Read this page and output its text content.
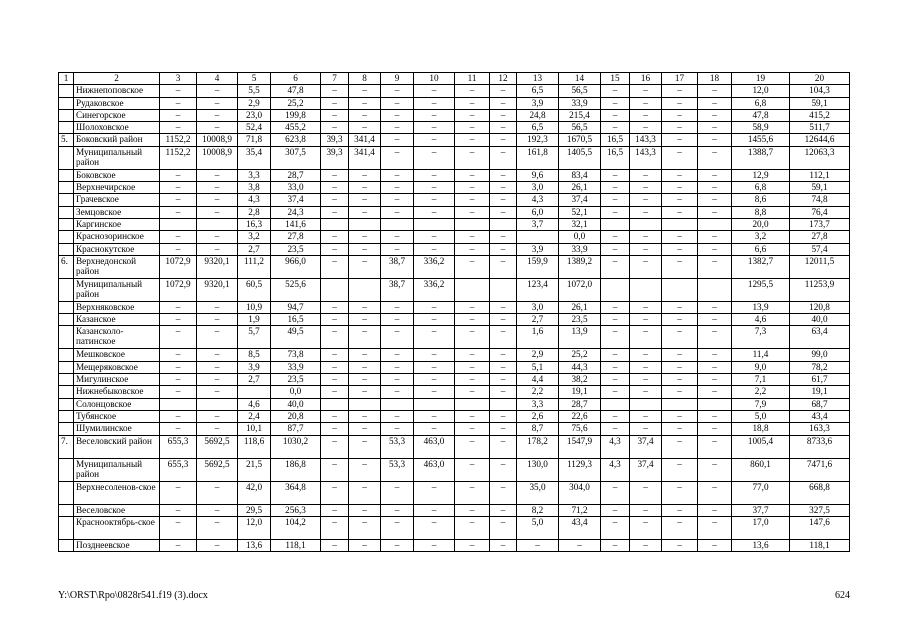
1	2	3	4	5	6	7	8	9	10	11	12	13	14	15	16	17	18	19	20
	Нижнепоповское	–	–	5,5	47,8	–	–	–	–	–	–	6,5	56,5	–	–	–	–	12,0	104,3
	Рудаковское	–	–	2,9	25,2	–	–	–	–	–	–	3,9	33,9	–	–	–	–	6,8	59,1
	Синегорское	–	–	23,0	199,8	–	–	–	–	–	–	24,8	215,4	–	–	–	–	47,8	415,2
	Шолоховское	–	–	52,4	455,2	–	–	–	–	–	–	6,5	56,5	–	–	–	–	58,9	511,7
5.	Боковский район	1152,2	10008,9	71,8	623,8	39,3	341,4	–	–	–	–	192,3	1670,5	16,5	143,3	–	–	1455,6	12644,6
	Муниципальный район	1152,2	10008,9	35,4	307,5	39,3	341,4	–	–	–	–	161,8	1405,5	16,5	143,3	–	–	1388,7	12063,3
	Боковское	–	–	3,3	28,7	–	–	–	–	–	–	9,6	83,4	–	–	–	–	12,9	112,1
	Верхнечирское	–	–	3,8	33,0	–	–	–	–	–	–	3,0	26,1	–	–	–	–	6,8	59,1
	Грачевское	–	–	4,3	37,4	–	–	–	–	–	–	4,3	37,4	–	–	–	–	8,6	74,8
	Земцовское	–	–	2,8	24,3	–	–	–	–	–	–	6,0	52,1	–	–	–	–	8,8	76,4
	Каргинское			16,3	141,6							3,7	32,1					20,0	173,7
	Краснозоринское	–	–	3,2	27,8	–	–	–	–	–	–		0,0	–	–	–	–	3,2	27,8
	Краснокутское	–	–	2,7	23,5	–	–	–	–	–	–	3,9	33,9	–	–	–	–	6,6	57,4
6.	Верхнедонской район	1072,9	9320,1	111,2	966,0	–	–	38,7	336,2	–	–	159,9	1389,2	–	–	–	–	1382,7	12011,5
	Муниципальный район	1072,9	9320,1	60,5	525,6			38,7	336,2			123,4	1072,0					1295,5	11253,9
	Верхняковское	–	–	10,9	94,7	–	–	–	–	–	–	3,0	26,1	–	–	–	–	13,9	120,8
	Казанское	–	–	1,9	16,5	–	–	–	–	–	–	2,7	23,5	–	–	–	–	4,6	40,0
	Казансколо-патинское	–	–	5,7	49,5	–	–	–	–	–	–	1,6	13,9	–	–	–	–	7,3	63,4
	Мешковское	–	–	8,5	73,8	–	–	–	–	–	–	2,9	25,2	–	–	–	–	11,4	99,0
	Мещеряковское	–	–	3,9	33,9	–	–	–	–	–	–	5,1	44,3	–	–	–	–	9,0	78,2
	Мигулинское	–	–	2,7	23,5	–	–	–	–	–	–	4,4	38,2	–	–	–	–	7,1	61,7
	Нижнебыковское	–	–		0,0	–	–	–	–	–	–	2,2	19,1	–	–	–	–	2,2	19,1
	Солонцовское			4,6	40,0							3,3	28,7					7,9	68,7
	Тубянское	–	–	2,4	20,8	–	–	–	–	–	–	2,6	22,6	–	–	–	–	5,0	43,4
	Шумилинское	–	–	10,1	87,7	–	–	–	–	–	–	8,7	75,6	–	–	–	–	18,8	163,3
7.	Веселовский район	655,3	5692,5	118,6	1030,2	–	–	53,3	463,0	–	–	178,2	1547,9	4,3	37,4	–	–	1005,4	8733,6
	Муниципальный район	655,3	5692,5	21,5	186,8	–	–	53,3	463,0	–	–	130,0	1129,3	4,3	37,4	–	–	860,1	7471,6
	Верхнесоленов-ское	–	–	42,0	364,8	–	–	–	–	–	–	35,0	304,0	–	–	–	–	77,0	668,8
	Веселовское	–	–	29,5	256,3	–	–	–	–	–	–	8,2	71,2	–	–	–	–	37,7	327,5
	Краснооктябрь-ское	–	–	12,0	104,2	–	–	–	–	–	–	5,0	43,4	–	–	–	–	17,0	147,6
	Позднеевское	–	–	13,6	118,1	–	–	–	–	–	–	–	–	–	–	–	–	13,6	118,1
Y:\ORST\Rpo\0828r541.f19 (3).docx	624
